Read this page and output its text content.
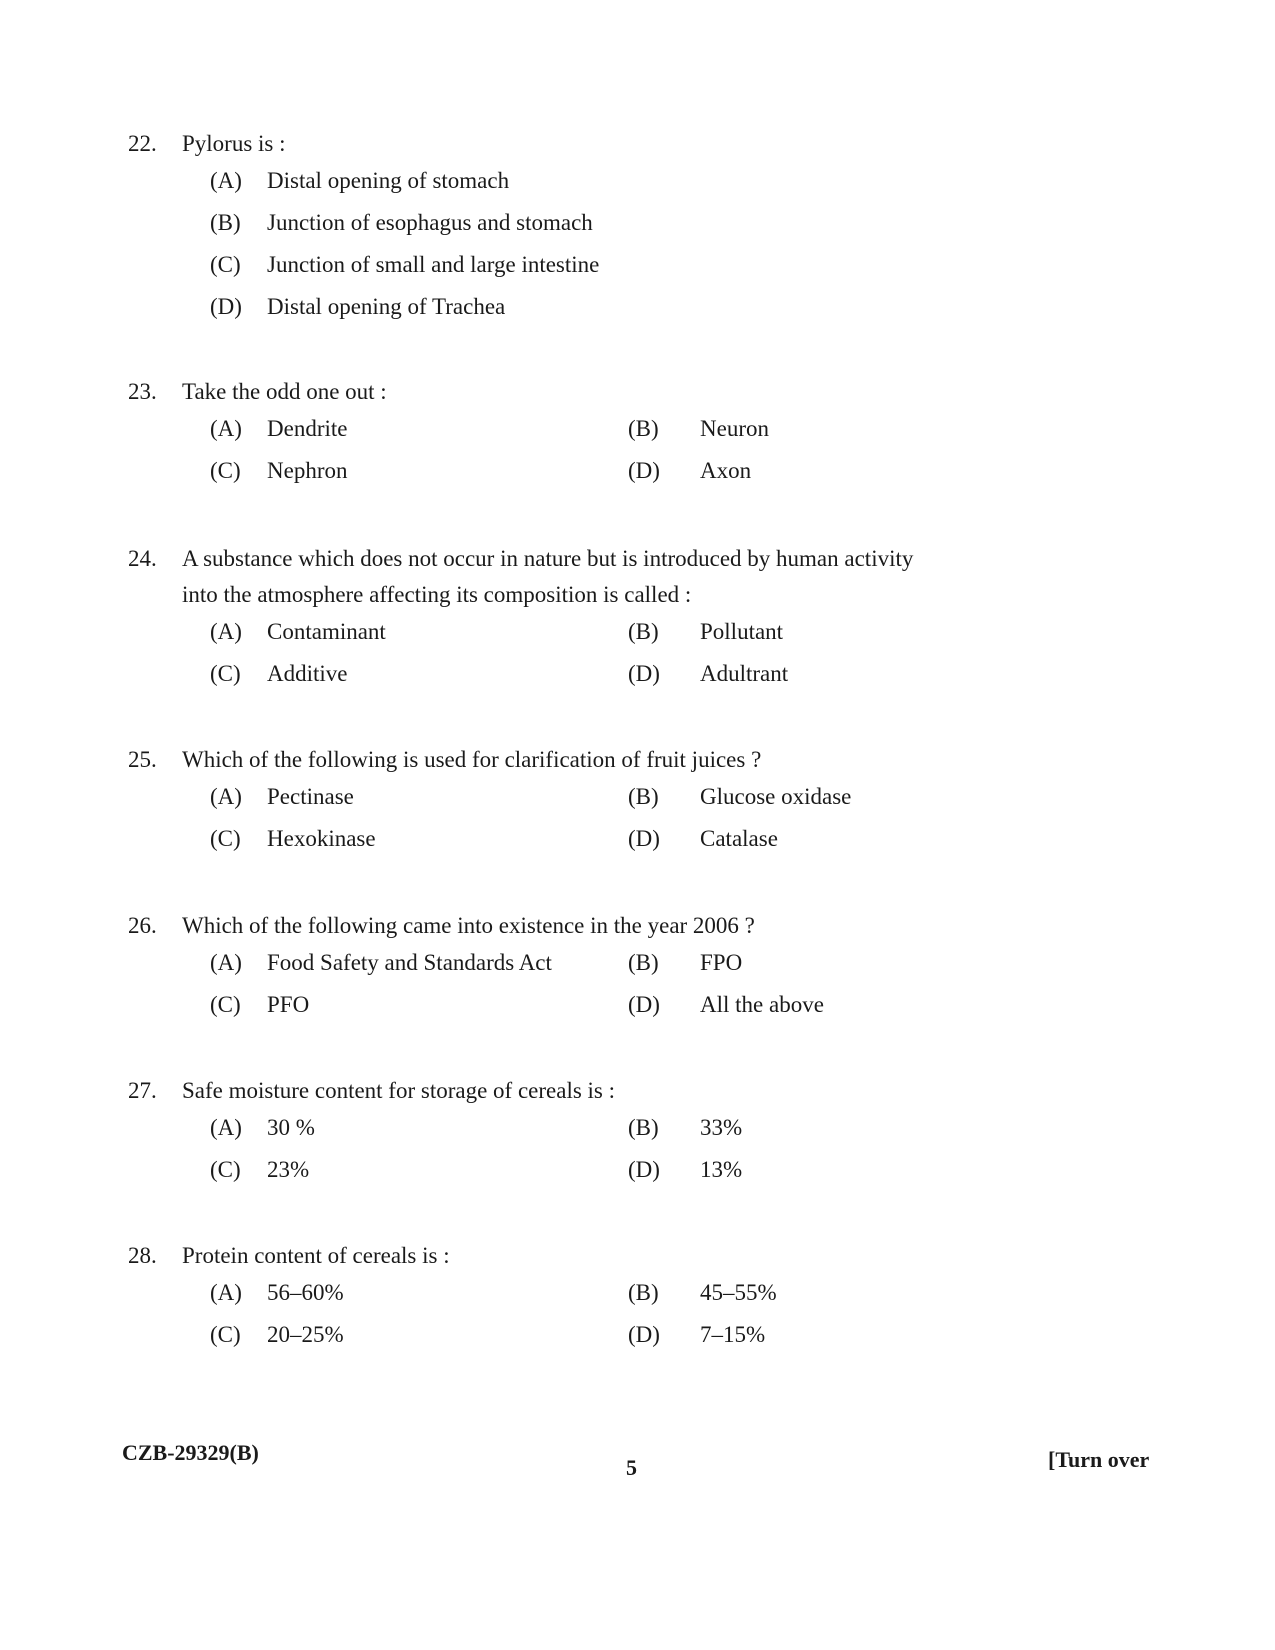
22.	Pylorus is :
(A)	Distal opening of stomach
(B)	Junction of esophagus and stomach
(C)	Junction of small and large intestine
(D)	Distal opening of Trachea
23.	Take the odd one out :
(A)	Dendrite	(B)	Neuron
(C)	Nephron	(D)	Axon
24.	A substance which does not occur in nature but is introduced by human activity into the atmosphere affecting its composition is called :
(A)	Contaminant	(B)	Pollutant
(C)	Additive	(D)	Adultrant
25.	Which of the following is used for clarification of fruit juices ?
(A)	Pectinase	(B)	Glucose oxidase
(C)	Hexokinase	(D)	Catalase
26.	Which of the following came into existence in the year 2006 ?
(A)	Food Safety and Standards Act	(B)	FPO
(C)	PFO	(D)	All the above
27.	Safe moisture content for storage of cereals is :
(A)	30 %	(B)	33%
(C)	23%	(D)	13%
28.	Protein content of cereals is :
(A)	56–60%	(B)	45–55%
(C)	20–25%	(D)	7–15%
CZB-29329(B)
5	[Turn over
